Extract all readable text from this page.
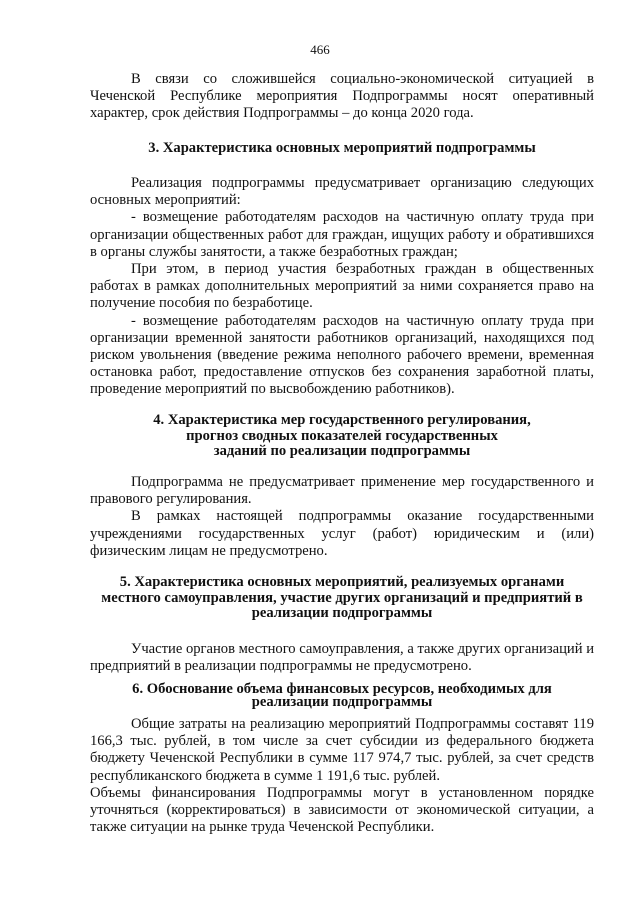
466

В связи со сложившейся социально-экономической ситуацией в Чеченской Республике мероприятия Подпрограммы носят оперативный характер, срок действия Подпрограммы – до конца 2020 года.

3. Характеристика основных мероприятий подпрограммы

Реализация подпрограммы предусматривает организацию следующих основных мероприятий:

- возмещение работодателям расходов на частичную оплату труда при организации общественных работ для граждан, ищущих работу и обратившихся в органы службы занятости, а также безработных граждан;

При этом, в период участия безработных граждан в общественных работах в рамках дополнительных мероприятий за ними сохраняется право на получение пособия по безработице.

- возмещение работодателям расходов на частичную оплату труда при организации временной занятости работников организаций, находящихся под риском увольнения (введение режима неполного рабочего времени, временная остановка работ, предоставление отпусков без сохранения заработной платы, проведение мероприятий по высвобождению работников).

4. Характеристика мер государственного регулирования,
прогноз сводных показателей государственных
заданий по реализации подпрограммы

Подпрограмма не предусматривает применение мер государственного и правового регулирования.

В рамках настоящей подпрограммы оказание государственными учреждениями государственных услуг (работ) юридическим и (или) физическим лицам не предусмотрено.

5. Характеристика основных мероприятий, реализуемых органами
местного самоуправления, участие других организаций и предприятий в
реализации подпрограммы

Участие органов местного самоуправления, а также других организаций и предприятий в реализации подпрограммы не предусмотрено.

6. Обоснование объема финансовых ресурсов, необходимых для
реализации подпрограммы

Общие затраты на реализацию мероприятий Подпрограммы составят 119 166,3 тыс. рублей, в том числе за счет субсидии из федерального бюджета бюджету Чеченской Республики в сумме 117 974,7 тыс. рублей, за счет средств республиканского бюджета в сумме 1 191,6 тыс. рублей.

Объемы финансирования Подпрограммы могут в установленном порядке уточняться (корректироваться) в зависимости от экономической ситуации, а также ситуации на рынке труда Чеченской Республики.
